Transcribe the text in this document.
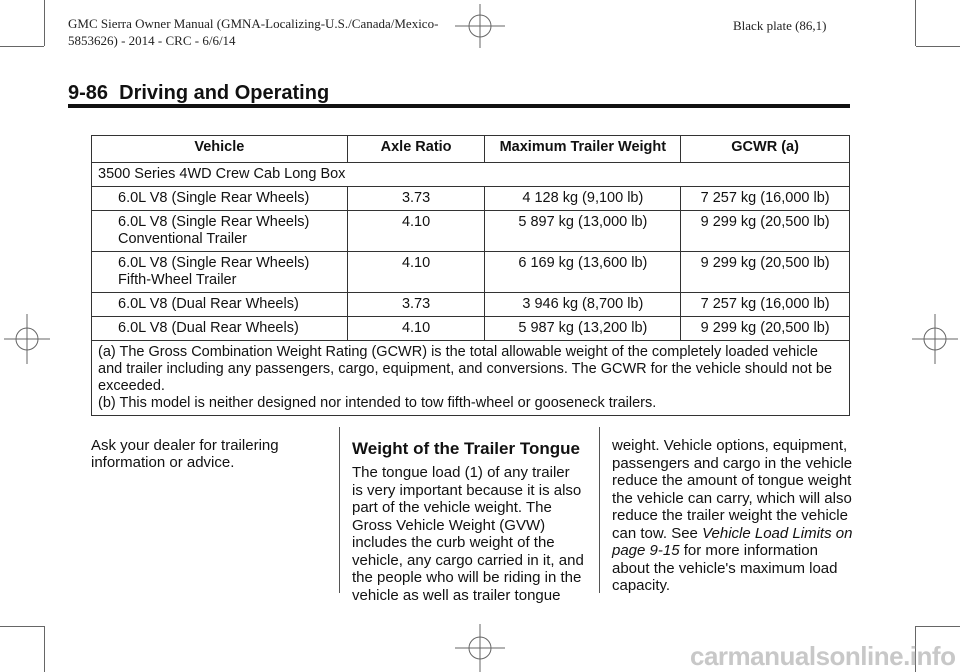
GMC Sierra Owner Manual (GMNA-Localizing-U.S./Canada/Mexico-
5853626) - 2014 - CRC - 6/6/14
Black plate (86,1)
9-86  Driving and Operating
Vehicle	Axle Ratio	Maximum Trailer Weight	GCWR (a)
3500 Series 4WD Crew Cab Long Box			
6.0L V8 (Single Rear Wheels)	3.73	4 128 kg (9,100 lb)	7 257 kg (16,000 lb)
6.0L V8 (Single Rear Wheels)
Conventional Trailer	4.10	5 897 kg (13,000 lb)	9 299 kg (20,500 lb)
6.0L V8 (Single Rear Wheels)
Fifth-Wheel Trailer	4.10	6 169 kg (13,600 lb)	9 299 kg (20,500 lb)
6.0L V8 (Dual Rear Wheels)	3.73	3 946 kg (8,700 lb)	7 257 kg (16,000 lb)
6.0L V8 (Dual Rear Wheels)	4.10	5 987 kg (13,200 lb)	9 299 kg (20,500 lb)

(a) The Gross Combination Weight Rating (GCWR) is the total allowable weight of the completely loaded vehicle and trailer including any passengers, cargo, equipment, and conversions. The GCWR for the vehicle should not be exceeded.
(b) This model is neither designed nor intended to tow fifth-wheel or gooseneck trailers.			
Ask your dealer for trailering information or advice.
Weight of the Trailer Tongue
The tongue load (1) of any trailer is very important because it is also part of the vehicle weight. The Gross Vehicle Weight (GVW) includes the curb weight of the vehicle, any cargo carried in it, and the people who will be riding in the vehicle as well as trailer tongue
weight. Vehicle options, equipment, passengers and cargo in the vehicle reduce the amount of tongue weight the vehicle can carry, which will also reduce the trailer weight the vehicle can tow. See Vehicle Load Limits on page 9-15 for more information about the vehicle's maximum load capacity.
carmanualsonline.info
